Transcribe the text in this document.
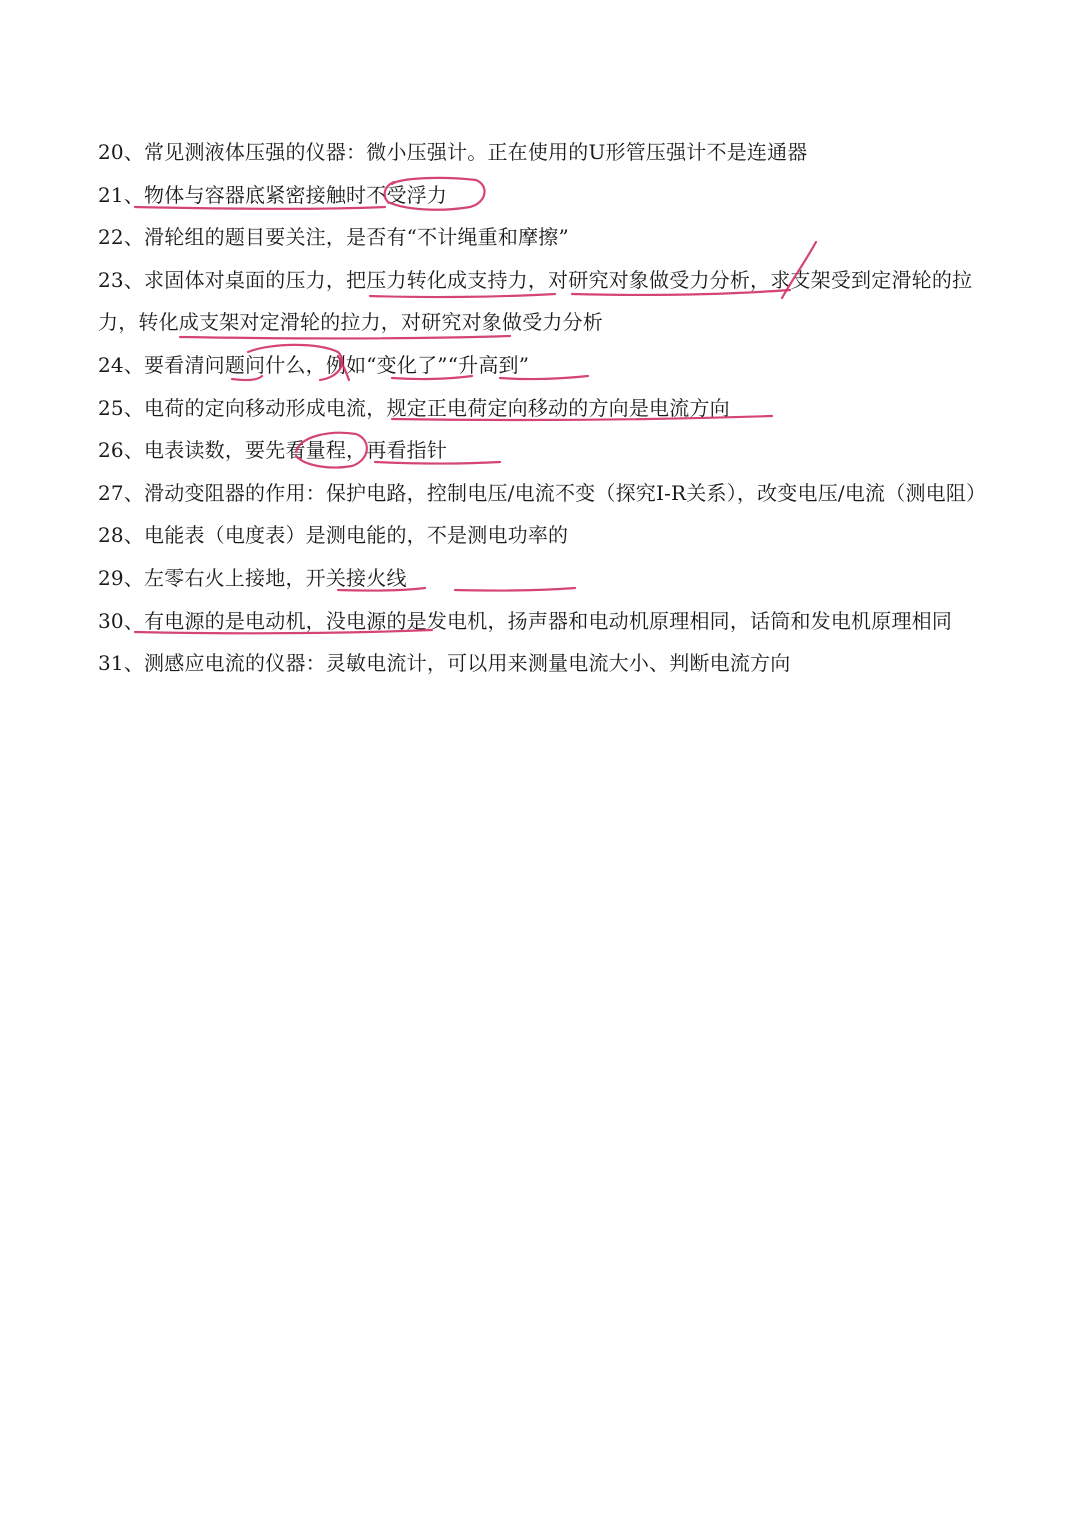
20、常见测液体压强的仪器：微小压强计。正在使用的U形管压强计不是连通器
21、物体与容器底紧密接触时不受浮力
22、滑轮组的题目要关注，是否有“不计绳重和摩擦”
23、求固体对桌面的压力，把压力转化成支持力，对研究对象做受力分析，求支架受到定滑轮的拉力，转化成支架对定滑轮的拉力，对研究对象做受力分析
24、要看清问题问什么，例如“变化了”“升高到”
25、电荷的定向移动形成电流，规定正电荷定向移动的方向是电流方向
26、电表读数，要先看量程，再看指针
27、滑动变阻器的作用：保护电路，控制电压/电流不变（探究I-R关系），改变电压/电流（测电阻）
28、电能表（电度表）是测电能的，不是测电功率的
29、左零右火上接地，开关接火线
30、有电源的是电动机，没电源的是发电机，扬声器和电动机原理相同，话筒和发电机原理相同
31、测感应电流的仪器：灵敏电流计，可以用来测量电流大小、判断电流方向
